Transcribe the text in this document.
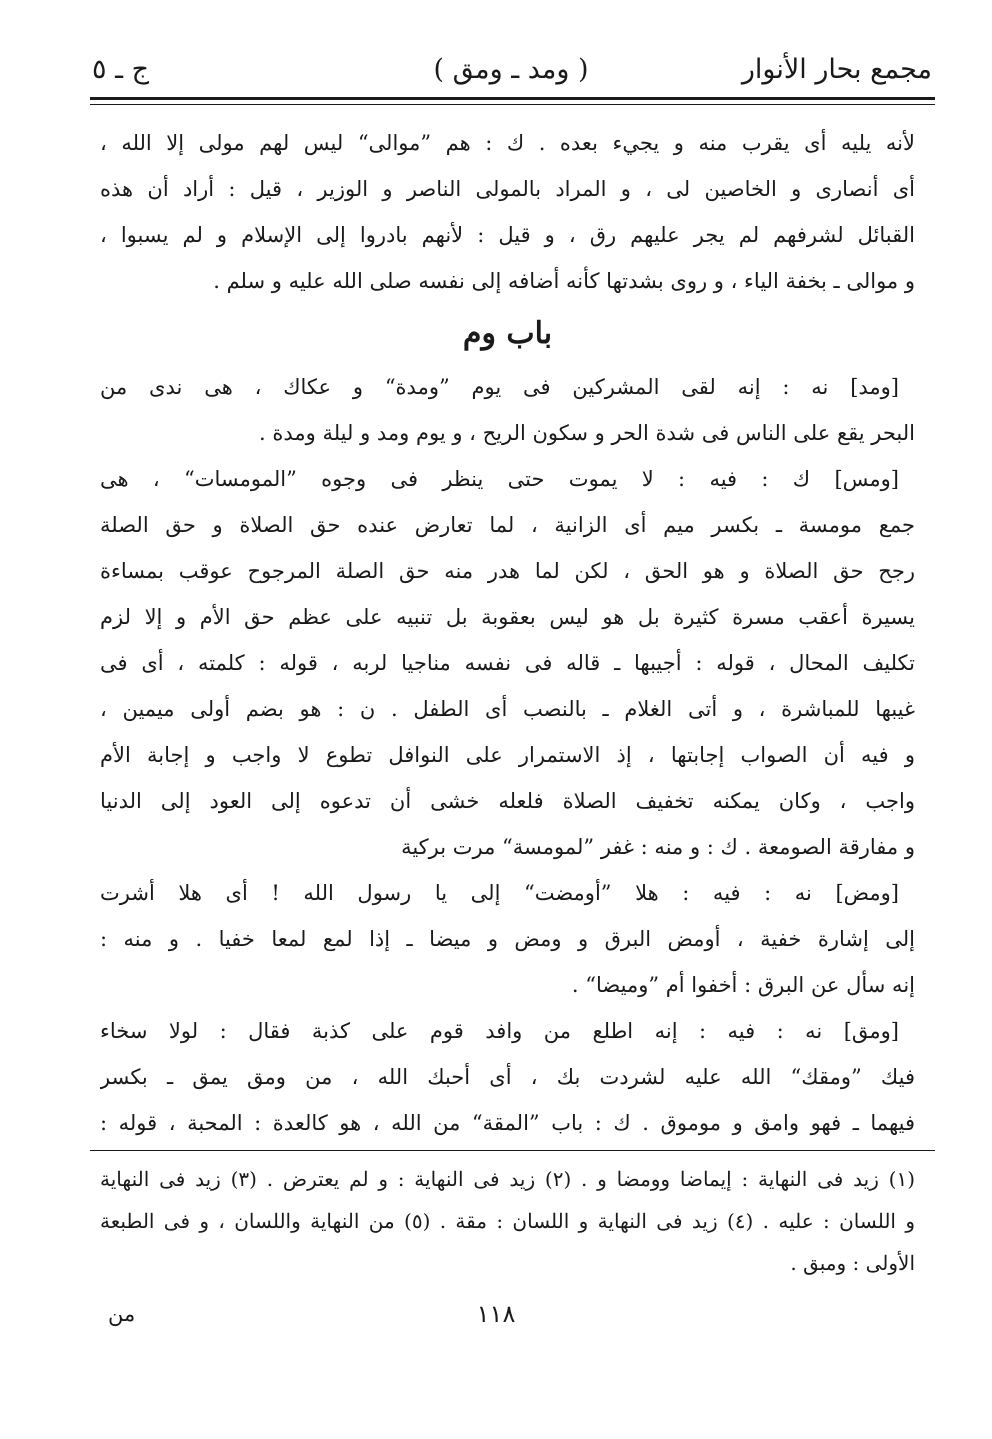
مجمع بحار الأنوار
( ومد ـ ومق )
ج ـ ٥
لأنه يليه أى يقرب منه و يجيء بعده . ك : هم ”موالى“ ليس لهم مولى إلا الله ،
أى أنصارى و الخاصين لى ، و المراد بالمولى الناصر و الوزير ، قيل : أراد أن هذه
القبائل لشرفهم لم يجر عليهم رق ، و قيل : لأنهم بادروا إلى الإسلام و لم يسبوا ،
و موالى ـ بخفة الياء ، و روى بشدتها كأنه أضافه إلى نفسه صلى الله عليه و سلم .
باب وم
[ومد] نه : إنه لقى المشركين فى يوم ”ومدة“ و عكاك ، هى ندى من
البحر يقع على الناس فى شدة الحر و سكون الريح ، و يوم ومد و ليلة ومدة .
[ومس] ك : فيه : لا يموت حتى ينظر فى وجوه ”المومسات“ ، هى
جمع مومسة ـ بكسر ميم أى الزانية ، لما تعارض عنده حق الصلاة و حق الصلة
رجح حق الصلاة و هو الحق ، لكن لما هدر منه حق الصلة المرجوح عوقب بمساءة
يسيرة أعقب مسرة كثيرة بل هو ليس بعقوبة بل تنبيه على عظم حق الأم و إلا لزم
تكليف المحال ، قوله : أجيبها ـ قاله فى نفسه مناجيا لربه ، قوله : كلمته ، أى فى
غيبها للمباشرة ، و أتى الغلام ـ بالنصب أى الطفل . ن : هو بضم أولى ميمين ،
و فيه أن الصواب إجابتها ، إذ الاستمرار على النوافل تطوع لا واجب و إجابة الأم
واجب ، وكان يمكنه تخفيف الصلاة فلعله خشى أن تدعوه إلى العود إلى الدنيا
و مفارقة الصومعة . ك : و منه : غفر ”لمومسة“ مرت بركية
[ومض] نه : فيه : هلا ”أومضت“ إلى يا رسول الله ! أى هلا أشرت
إلى إشارة خفية ، أومض البرق و ومض و ميضا ـ إذا لمع لمعا خفيا . و منه :
إنه سأل عن البرق : أخفوا أم ”وميضا“ .
[ومق] نه : فيه : إنه اطلع من وافد قوم على كذبة فقال : لولا سخاء
فيك ”ومقك“ الله عليه لشردت بك ، أى أحبك الله ، من ومق يمق ـ بكسر
فيهما ـ فهو وامق و موموق . ك : باب ”المقة“ من الله ، هو كالعدة : المحبة ، قوله :
(١) زيد فى النهاية : إيماضا وومضا و . (٢) زيد فى النهاية : و لم يعترض . (٣) زيد فى النهاية
و اللسان : عليه . (٤) زيد فى النهاية و اللسان : مقة . (٥) من النهاية واللسان ، و فى الطبعة
الأولى : ومبق .
١١٨
من
